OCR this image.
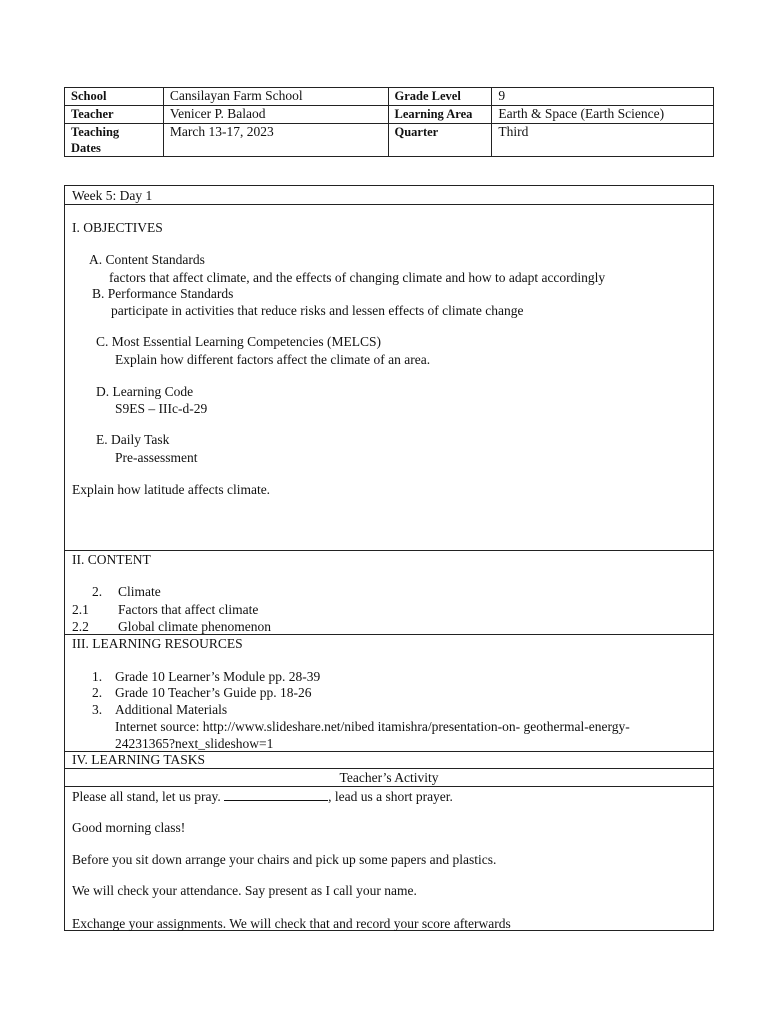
School	Cansilayan Farm School	Grade Level	9
Teacher	Venicer P. Balaod	Learning Area	Earth & Space (Earth Science)
Teaching
Dates	March 13-17, 2023	Quarter	Third
Week 5: Day 1
I. OBJECTIVES
A. Content Standards
factors that affect climate, and the effects of changing climate and how to adapt accordingly
B. Performance Standards
participate in activities that reduce risks and lessen effects of climate change
C. Most Essential Learning Competencies (MELCS)
Explain how different factors affect the climate of an area.
D. Learning Code
S9ES – IIIc-d-29
E. Daily Task
Pre-assessment
Explain how latitude affects climate.
II. CONTENT
2. Climate
2.1 Factors that affect climate
2.2 Global climate phenomenon
III. LEARNING RESOURCES
1. Grade 10 Learner’s Module pp. 28-39
2. Grade 10 Teacher’s Guide pp. 18-26
3. Additional Materials
Internet source: http://www.slideshare.net/nibed itamishra/presentation-on- geothermal-energy-
24231365?next_slideshow=1
IV. LEARNING TASKS
Teacher’s Activity
Please all stand, let us pray.	, lead us a short prayer.
Good morning class!
Before you sit down arrange your chairs and pick up some papers and plastics.
We will check your attendance. Say present as I call your name.
Exchange your assignments. We will check that and record your score afterwards
